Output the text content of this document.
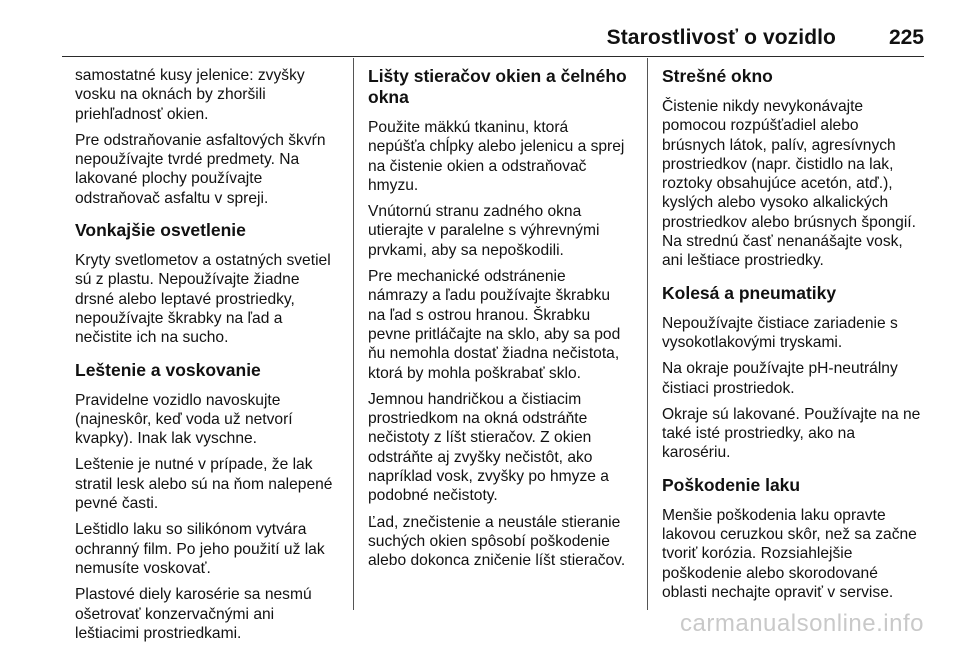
Starostlivosť o vozidlo	225

samostatné kusy jelenice: zvyšky
vosku na oknách by zhoršili
priehľadnosť okien.

Pre odstraňovanie asfaltových škvŕn
nepoužívajte tvrdé predmety. Na
lakované plochy používajte
odstraňovač asfaltu v spreji.

Vonkajšie osvetlenie

Kryty svetlometov a ostatných svetiel
sú z plastu. Nepoužívajte žiadne
drsné alebo leptavé prostriedky,
nepoužívajte škrabky na ľad a
nečistite ich na sucho.

Leštenie a voskovanie

Pravidelne vozidlo navoskujte
(najneskôr, keď voda už netvorí
kvapky). Inak lak vyschne.

Leštenie je nutné v prípade, že lak
stratil lesk alebo sú na ňom nalepené
pevné časti.

Leštidlo laku so silikónom vytvára
ochranný film. Po jeho použití už lak
nemusíte voskovať.

Plastové diely karosérie sa nesmú
ošetrovať konzervačnými ani
leštiacimi prostriedkami.

Lišty stieračov okien a čelného
okna

Použite mäkkú tkaninu, ktorá
nepúšťa chĺpky alebo jelenicu a sprej
na čistenie okien a odstraňovač
hmyzu.

Vnútornú stranu zadného okna
utierajte v paralelne s výhrevnými
prvkami, aby sa nepoškodili.

Pre mechanické odstránenie
námrazy a ľadu používajte škrabku
na ľad s ostrou hranou. Škrabku
pevne pritláčajte na sklo, aby sa pod
ňu nemohla dostať žiadna nečistota,
ktorá by mohla poškrabať sklo.

Jemnou handričkou a čistiacim
prostriedkom na okná odstráňte
nečistoty z líšt stieračov. Z okien
odstráňte aj zvyšky nečistôt, ako
napríklad vosk, zvyšky po hmyze a
podobné nečistoty.

Ľad, znečistenie a neustále stieranie
suchých okien spôsobí poškodenie
alebo dokonca zničenie líšt stieračov.

Strešné okno

Čistenie nikdy nevykonávajte
pomocou rozpúšťadiel alebo
brúsnych látok, palív, agresívnych
prostriedkov (napr. čistidlo na lak,
roztoky obsahujúce acetón, atď.),
kyslých alebo vysoko alkalických
prostriedkov alebo brúsnych špongií.
Na strednú časť nenanášajte vosk,
ani leštiace prostriedky.

Kolesá a pneumatiky

Nepoužívajte čistiace zariadenie s
vysokotlakovými tryskami.

Na okraje používajte pH-neutrálny
čistiaci prostriedok.

Okraje sú lakované. Používajte na ne
také isté prostriedky, ako na
karosériu.

Poškodenie laku

Menšie poškodenia laku opravte
lakovou ceruzkou skôr, než sa začne
tvoriť korózia. Rozsiahlejšie
poškodenie alebo skorodované
oblasti nechajte opraviť v servise.

carmanualsonline.info
